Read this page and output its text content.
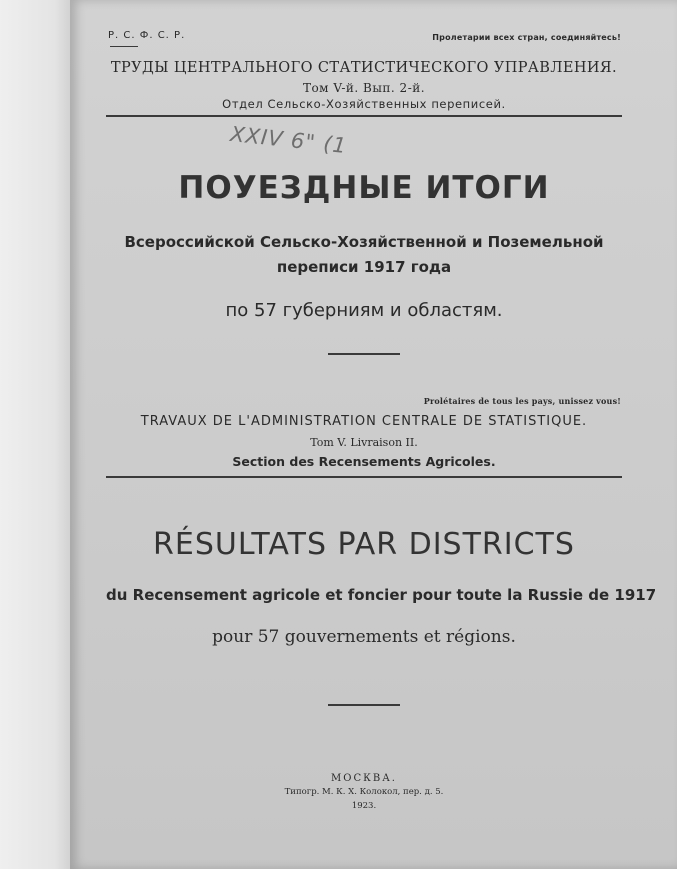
Р. С. Ф. С. Р.	Пролетарии всех стран, соединяйтесь!
ТРУДЫ ЦЕНТРАЛЬНОГО СТАТИСТИЧЕСКОГО УПРАВЛЕНИЯ.
Том V-й. Вып. 2-й.
Отдел Сельско-Хозяйственных переписей.
XXIV 6" (1
ПОУЕЗДНЫЕ ИТОГИ
Всероссийской Сельско-Хозяйственной и Поземельной
переписи 1917 года
по 57 губерниям и областям.
Prolétaires de tous les pays, unissez vous!
TRAVAUX DE L'ADMINISTRATION CENTRALE DE STATISTIQUE.
Tom V. Livraison II.
Section des Recensements Agricoles.
RÉSULTATS PAR DISTRICTS
du Recensement agricole et foncier pour toute la Russie de 1917
pour 57 gouvernements et régions.
МОСКВА.
Типогр. М. К. Х. Колокол, пер. д. 5.
1923.
